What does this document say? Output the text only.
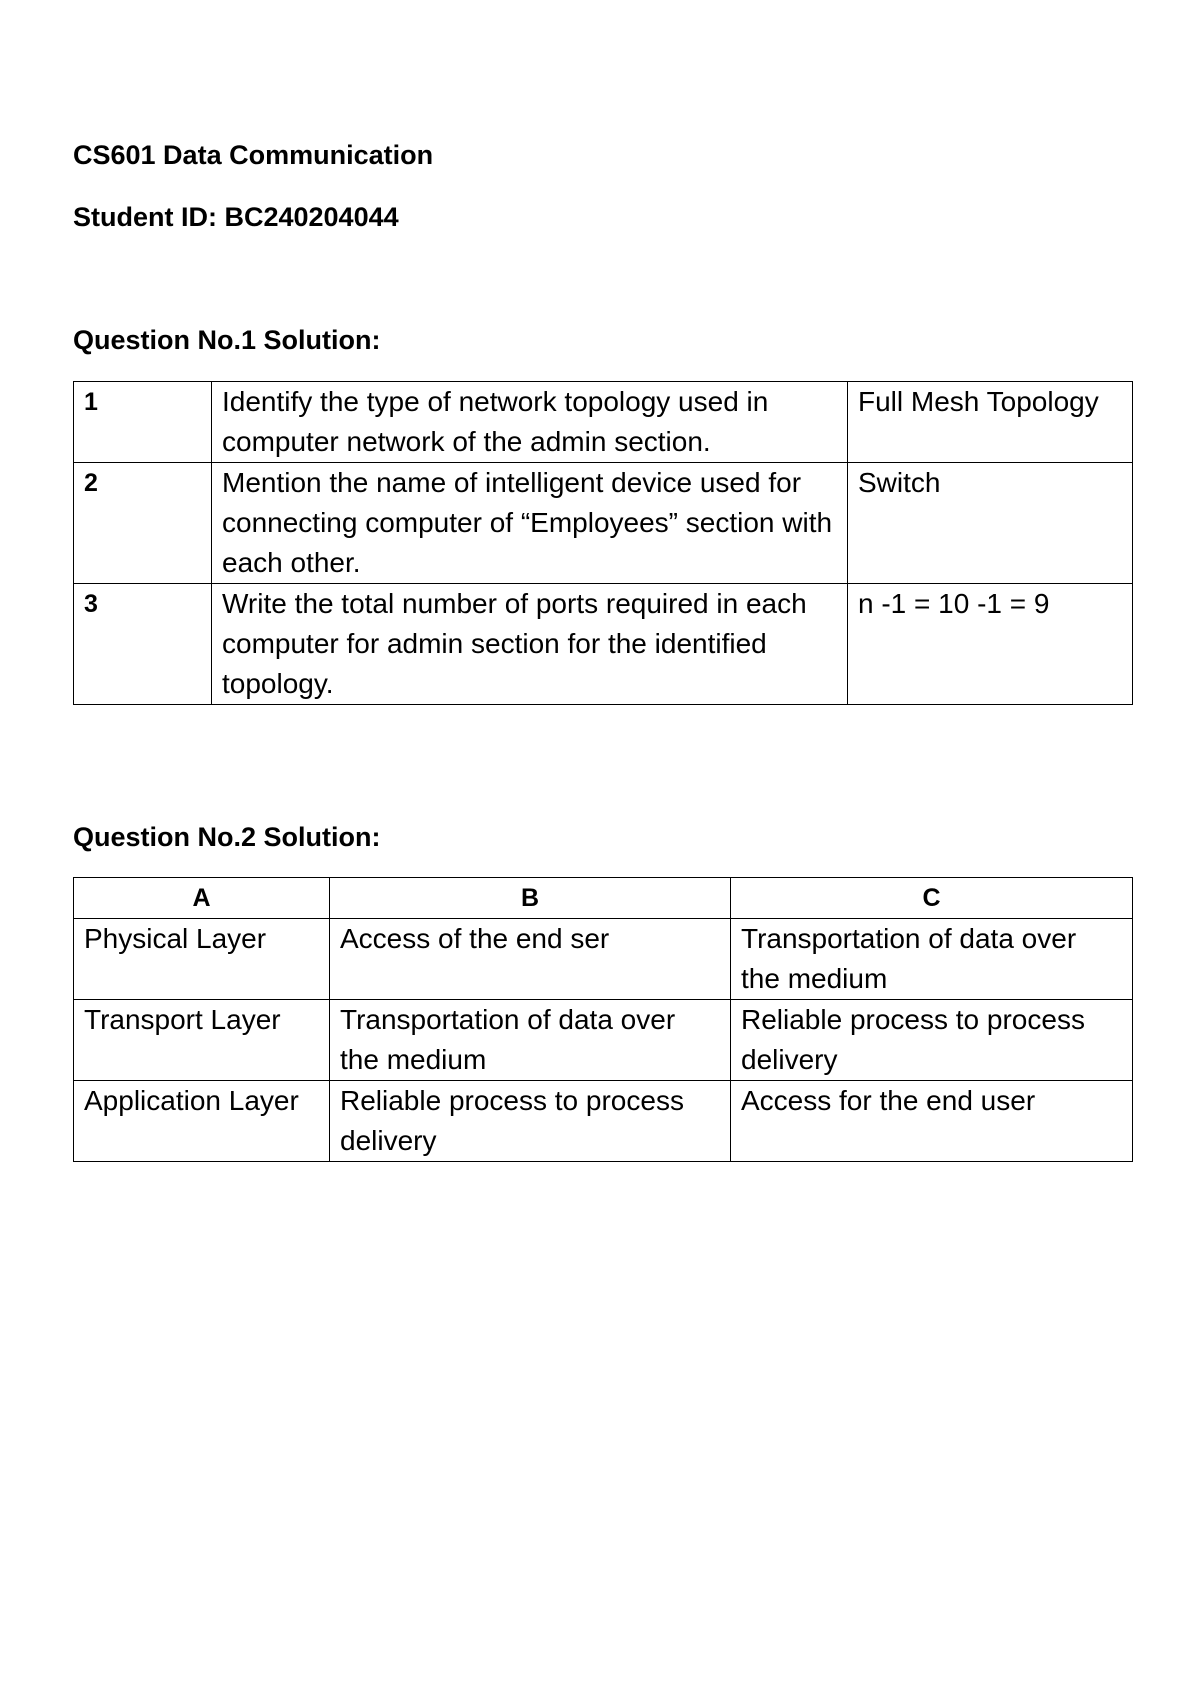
CS601 Data Communication
Student ID: BC240204044
Question No.1 Solution:
1	Identify the type of network topology used in computer network of the admin section.	Full Mesh Topology
2	Mention the name of intelligent device used for connecting computer of “Employees” section with each other.	Switch
3	Write the total number of ports required in each computer for admin section for the identified topology.	n -1 = 10 -1 = 9
Question No.2 Solution:
A	B	C
Physical Layer	Access of the end ser	Transportation of data over the medium
Transport Layer	Transportation of data over the medium	Reliable process to process delivery
Application Layer	Reliable process to process delivery	Access for the end user
